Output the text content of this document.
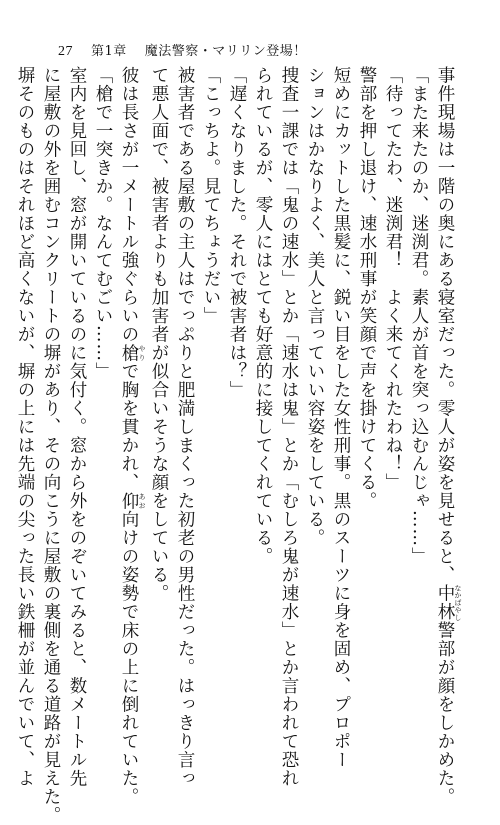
27 第1章 魔法警察・マリリン登場！
事件現場は一階の奥にある寝室だった。零人が姿を見せると、中林 なかばやし警部が顔をしかめた。
「また来たのか、迷渕君。素人が首を突っ込むんじゃ……」
「待ってたわ、迷渕君！　よく来てくれたわね！」
警部を押し退け、速水刑事が笑顔で声を掛けてくる。
短めにカットした黒髪に、鋭い目をした女性刑事。黒のスーツに身を固め、プロポー
ションはかなりよく、美人と言っていい容姿をしている。
捜査一課では「鬼の速水」とか「速水は鬼」とか「むしろ鬼が速水」とか言われて恐れ
られているが、零人にはとても好意的に接してくれている。
「遅くなりました。それで被害者は？」
「こっちよ。見てちょうだい」
被害者である屋敷の主人はでっぷりと肥満しまくった初老の男性だった。はっきり言っ
て悪人面で、被害者よりも加害者が似合いそうな顔をしている。
彼は長さが一メートル強ぐらいの槍 やりで胸を貫かれ、仰 あお向けの姿勢で床の上に倒れていた。
「槍で一突きか。なんてむごい……」
室内を見回し、窓が開いているのに気付く。窓から外をのぞいてみると、数メートル先
に屋敷の外を囲むコンクリートの塀があり、その向こうに屋敷の裏側を通る道路が見えた。
塀そのものはそれほど高くないが、塀の上には先端の尖った長い鉄柵が並んでいて、よ
